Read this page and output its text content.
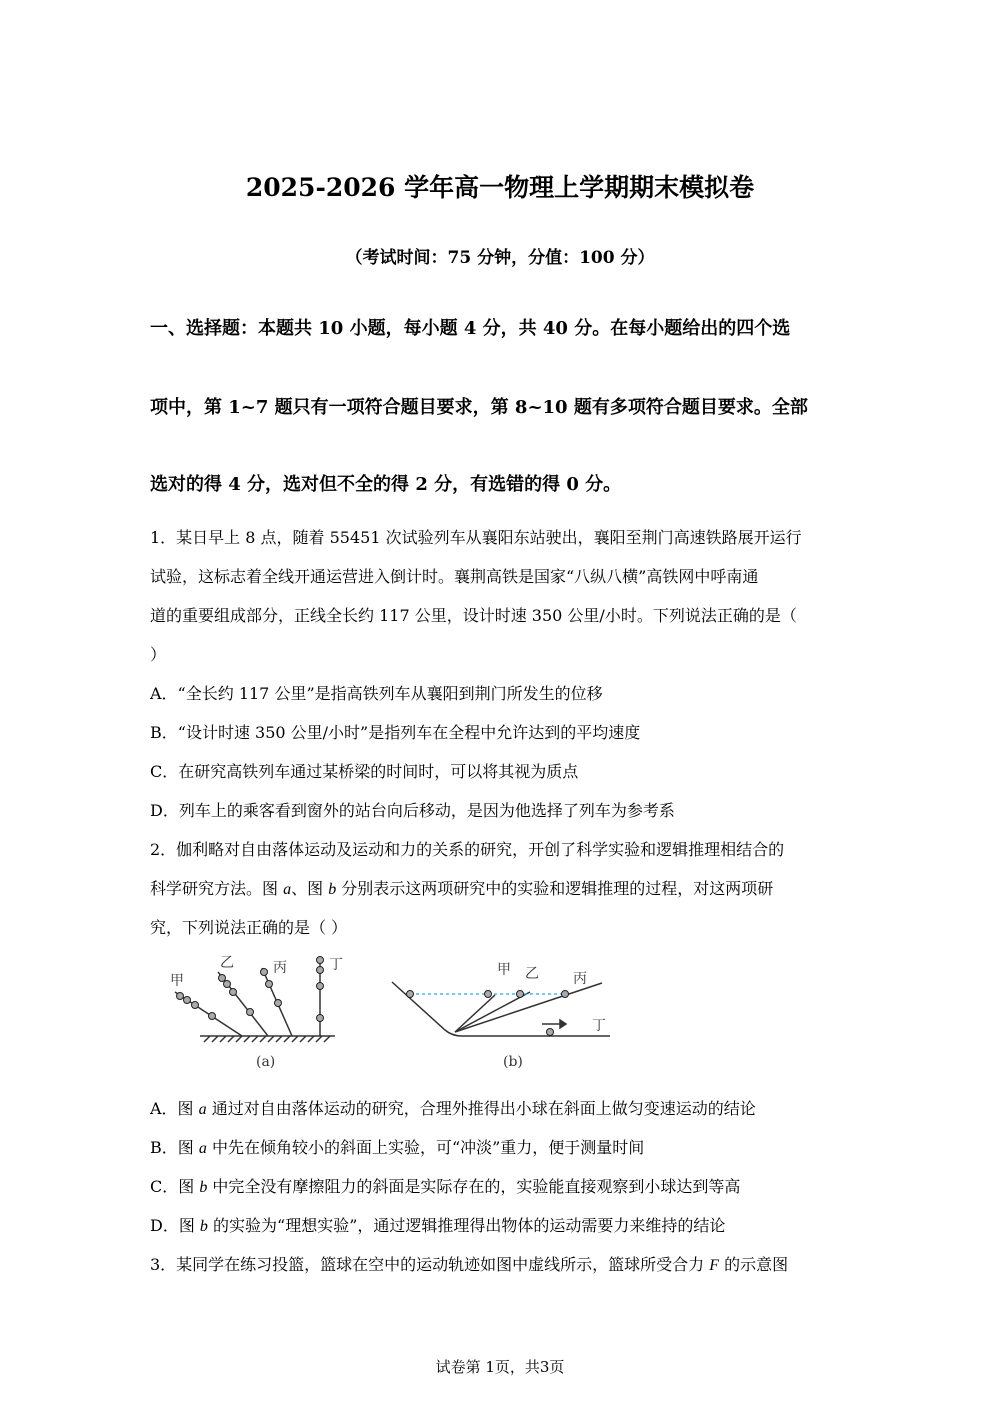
2025-2026 学年高一物理上学期期末模拟卷
（考试时间：75 分钟，分值：100 分）
一、选择题：本题共 10 小题，每小题 4 分，共 40 分。在每小题给出的四个选
项中，第 1~7 题只有一项符合题目要求，第 8~10 题有多项符合题目要求。全部
选对的得 4 分，选对但不全的得 2 分，有选错的得 0 分。
1．某日早上 8 点，随着 55451 次试验列车从襄阳东站驶出，襄阳至荆门高速铁路展开运行
试验，这标志着全线开通运营进入倒计时。襄荆高铁是国家“八纵八横”高铁网中呼南通
道的重要组成部分，正线全长约 117 公里，设计时速 350 公里/小时。下列说法正确的是（
）
A．“全长约 117 公里”是指高铁列车从襄阳到荆门所发生的位移
B．“设计时速 350 公里/小时”是指列车在全程中允许达到的平均速度
C．在研究高铁列车通过某桥梁的时间时，可以将其视为质点
D．列车上的乘客看到窗外的站台向后移动，是因为他选择了列车为参考系
2．伽利略对自由落体运动及运动和力的关系的研究，开创了科学实验和逻辑推理相结合的
科学研究方法。图 a、图 b 分别表示这两项研究中的实验和逻辑推理的过程，对这两项研
究，下列说法正确的是（ ）
甲
乙	丙	丁
(a)
甲 乙 丙
丁
(b)
A．图 a 通过对自由落体运动的研究，合理外推得出小球在斜面上做匀变速运动的结论
B．图 a 中先在倾角较小的斜面上实验，可“冲淡”重力，便于测量时间
C．图 b 中完全没有摩擦阻力的斜面是实际存在的，实验能直接观察到小球达到等高
D．图 b 的实验为“理想实验”，通过逻辑推理得出物体的运动需要力来维持的结论
3．某同学在练习投篮，篮球在空中的运动轨迹如图中虚线所示，篮球所受合力 F 的示意图
试卷第 1页，共3页
